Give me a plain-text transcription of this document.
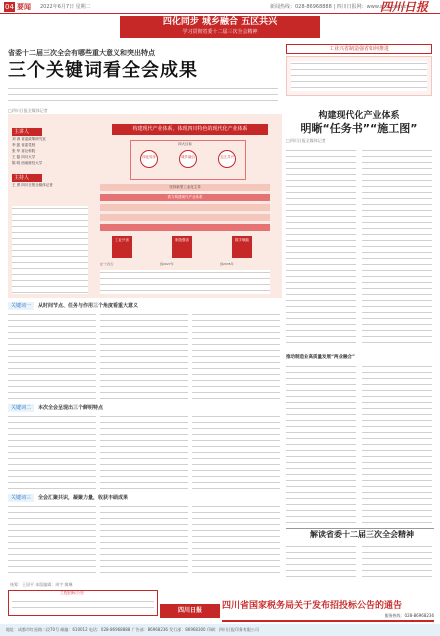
04 要闻 2022年6月7日 星期二	新闻热线：028-86968888 | 四川日报网：www.scol.com.cn
四川日报
四化同步 城乡融合 五区共兴
学习贯彻省委十二届三次全会精神
省委十二届三次全会有哪些重大意义和突出特点
三个关键词看全会成果
□四川日报全媒体记者
工业兴省制造强省如何推进
构建现代化产业体系
明晰“任务书”“施工图”
□四川日报全媒体记者
推动制造业高质量发展“两业融合”
解读省委十二届三次全会精神
主讲人
刘 涛 省委政策研究室
李 振 省委党校
张 华 省社科院
王 磊 四川大学
陈 明 西南财经大学
主持人
王 勇 四川日报全媒体记者
构建现代产业体系，体现四川特色的现代化产业体系
四化同步	城乡融合	五区共兴
四大目标
坚持新型工业化主导
着力构建现代产业体系
工业兴省	制造强省	数字赋能
在‘十四五’	到2027年	到2035年
关键词一 从时间节点、任务与作用三个角度看重大意义
关键词二 本次全会呈现出三个鲜明特点
关键词三 全会汇聚共识，凝聚力量，收获丰硕成果
统筹：王国平 本版编辑：周宇 黎琳
工程招标公告
四川日报	四川省国家税务局关于发布招投标公告的通告
服务热线：028-86968236
地址：成都市红星路二段70号 邮编：610012 电话：028-86968888 广告部：86968236 发行部：86968300 印刷：四川日报印务有限公司
